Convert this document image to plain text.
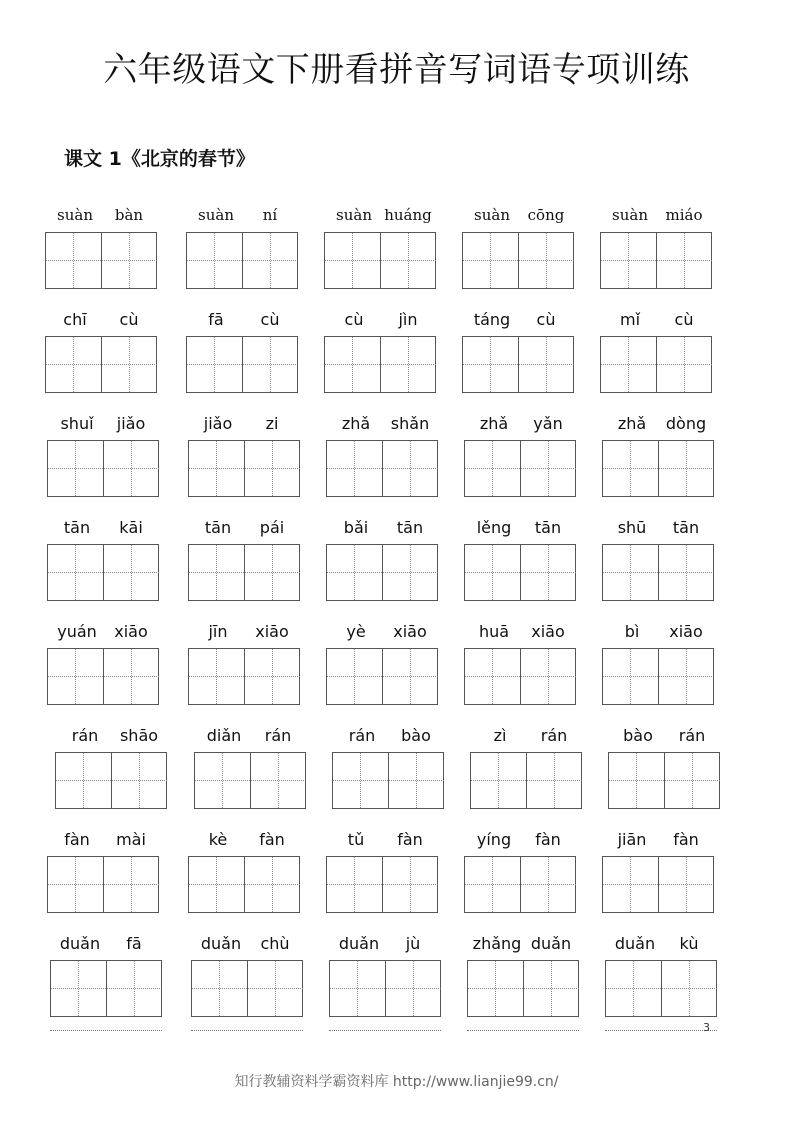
六年级语文下册看拼音写词语专项训练
课文 1《北京的春节》
suàn bàn	suàn ní	suàn huáng	suàn cōng	suàn miáo
chī cù	fā cù	cù jìn	táng cù	mǐ cù
shuǐ jiǎo	jiǎo zi	zhǎ shǎn	zhǎ yǎn	zhǎ dòng
tān kāi	tān pái	bǎi tān	lěng tān	shū tān
yuán xiāo	jīn xiāo	yè xiāo	huā xiāo	bì xiāo
rán shāo	diǎn rán	rán bào	zì rán	bào rán
fàn mài	kè fàn	tǔ fàn	yíng fàn	jiān fàn
duǎn fā	duǎn chù	duǎn jù	zhǎng duǎn	duǎn kù
3
知行教辅资料学霸资料库 http://www.lianjie99.cn/
